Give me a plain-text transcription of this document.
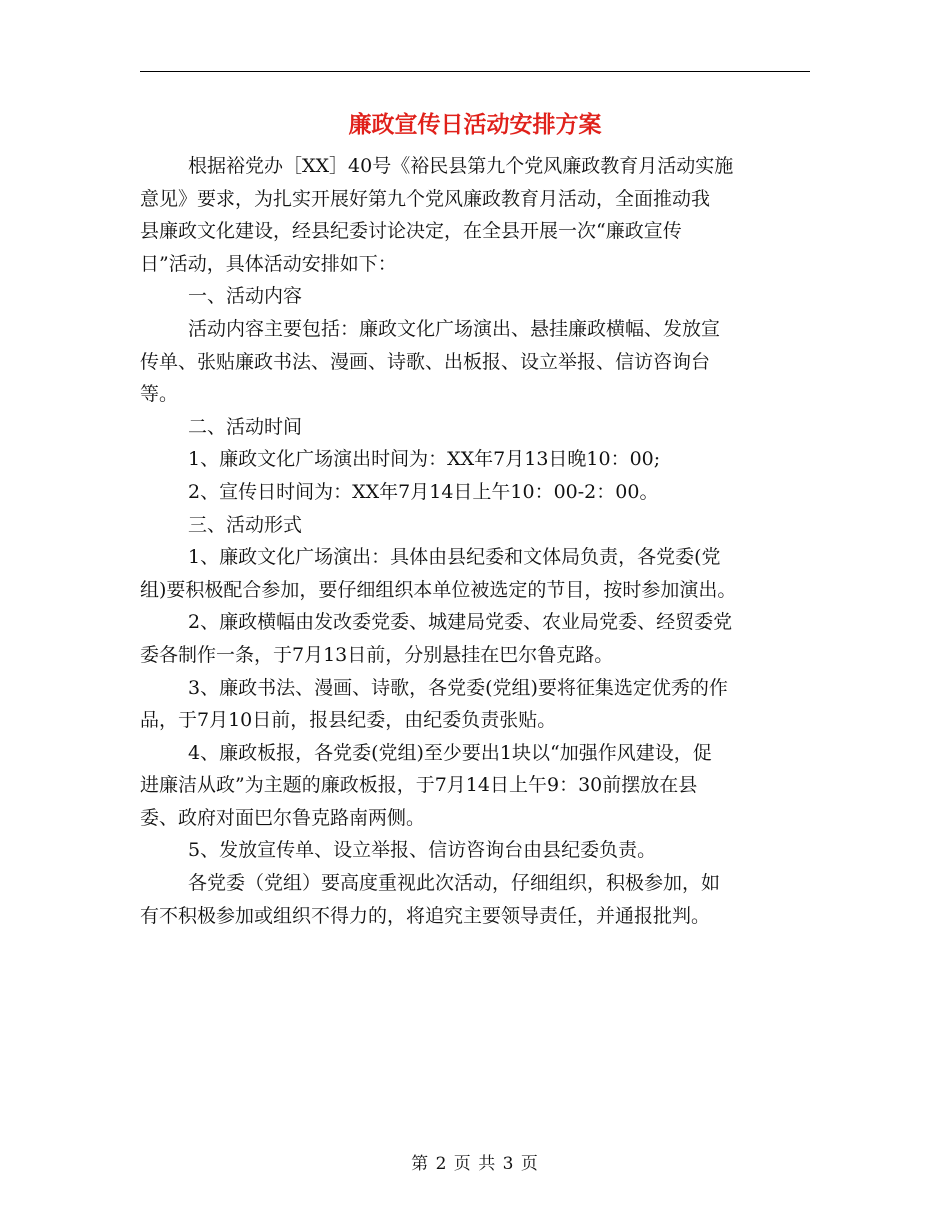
廉政宣传日活动安排方案

根据裕党办［XX］40号《裕民县第九个党风廉政教育月活动实施

意见》要求，为扎实开展好第九个党风廉政教育月活动，全面推动我

县廉政文化建设，经县纪委讨论决定，在全县开展一次“廉政宣传

日”活动，具体活动安排如下：

一、活动内容

活动内容主要包括：廉政文化广场演出、悬挂廉政横幅、发放宣

传单、张贴廉政书法、漫画、诗歌、出板报、设立举报、信访咨询台

等。

二、活动时间

1、廉政文化广场演出时间为：XX年7月13日晚10：00;

2、宣传日时间为：XX年7月14日上午10：00-2：00。

三、活动形式

1、廉政文化广场演出：具体由县纪委和文体局负责，各党委(党

组)要积极配合参加，要仔细组织本单位被选定的节目，按时参加演出。

2、廉政横幅由发改委党委、城建局党委、农业局党委、经贸委党

委各制作一条，于7月13日前，分别悬挂在巴尔鲁克路。

3、廉政书法、漫画、诗歌，各党委(党组)要将征集选定优秀的作

品，于7月10日前，报县纪委，由纪委负责张贴。

4、廉政板报，各党委(党组)至少要出1块以“加强作风建设，促

进廉洁从政”为主题的廉政板报，于7月14日上午9：30前摆放在县

委、政府对面巴尔鲁克路南两侧。

5、发放宣传单、设立举报、信访咨询台由县纪委负责。

各党委（党组）要高度重视此次活动，仔细组织，积极参加，如

有不积极参加或组织不得力的，将追究主要领导责任，并通报批判。

第 2 页 共 3 页
